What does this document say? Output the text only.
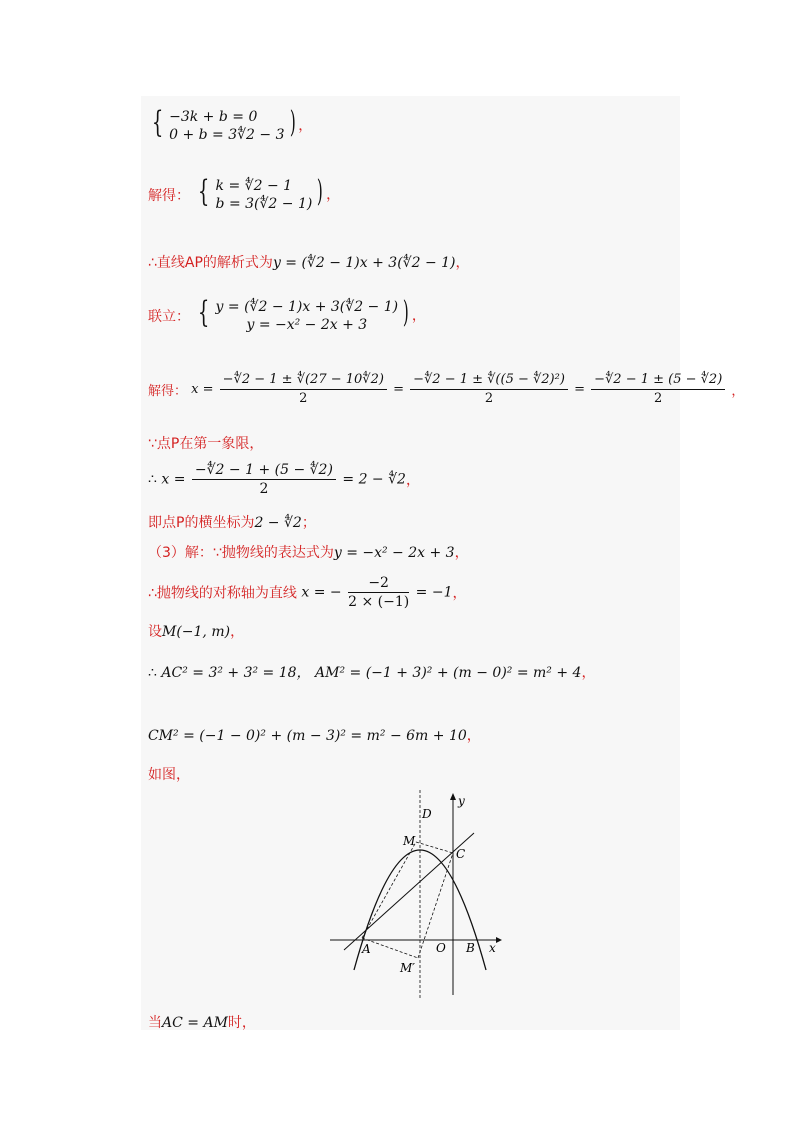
{ −3k + b = 0
0 + b = 3∜2 − 3 ) ，
解得： { k = ∜2 − 1
b = 3(∜2 − 1) ) ，
∴直线AP的解析式为y = (∜2 − 1)x + 3(∜2 − 1)，
联立： { y = (∜2 − 1)x + 3(∜2 − 1)
y = −x² − 2x + 3	) ，
解得： $x = \frac{-∜2 - 1 \pm ∜(27 - 10∜2)}{2} = \frac{\text{−∜2 − 1 ± ∜((5 − ∜2)²)}}{2} = \frac{-∜2 - 1 \pm (5 - ∜2)}{2}$ ，
∵点P在第一象限，
∴ $x = \frac{-∜2 - 1 + (5 - ∜2)}{2} = 2$ − ∜2，
即点P的横坐标为2 − ∜2；
（3）解：∵抛物线的表达式为y = −x² − 2x + 3，
∴抛物线的对称轴为直线 x = − $\frac{-2}{2 \times (-1)} = -1$，
设M(−1, m)，
∴ AC² = 3² + 3² = 18， AM² = (−1 + 3)² + (m − 0)² = m² + 4，
CM² = (−1 − 0)² + (m − 3)² = m² − 6m + 10，
如图，
y
x
D
M
C
A	O B
M′
当AC = AM时，
